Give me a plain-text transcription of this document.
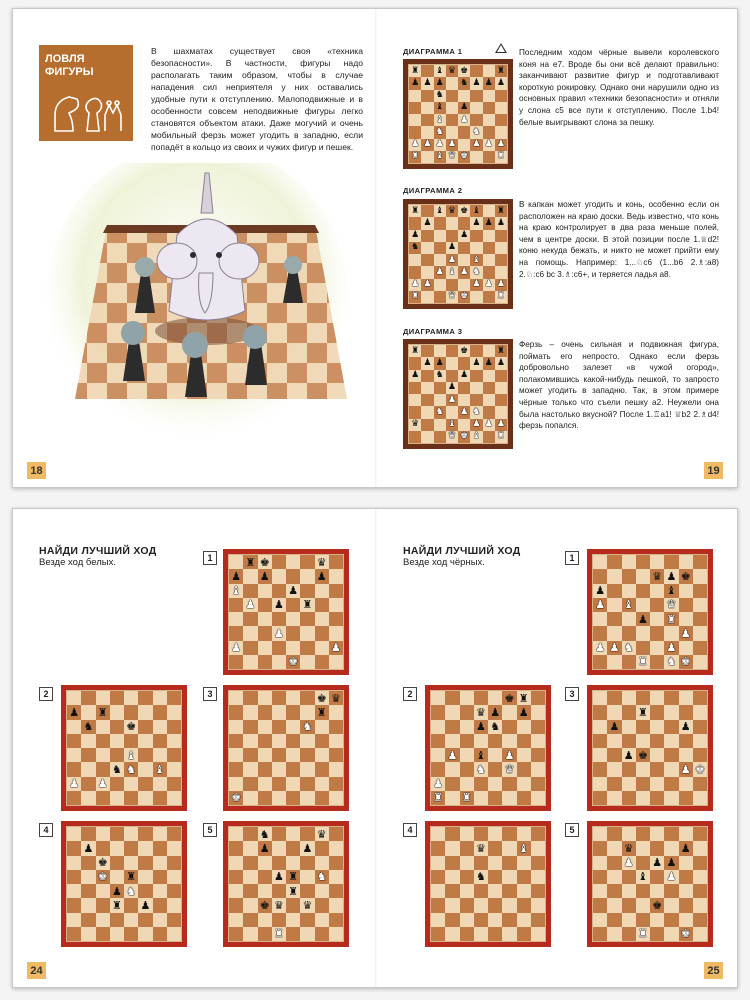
ЛОВЛЯ ФИГУРЫ
В шахматах существует своя «техника безопасности». В частности, фигуры надо располагать таким образом, чтобы в случае нападения сил неприятеля у них оставались удобные пути к отступлению. Малоподвижные и в особенности совсем неподвижные фигуры легко становятся объектом атаки. Даже могучий и очень мобильный ферзь может угодить в западню, если попадёт в кольцо из своих и чужих фигур и пешек.
18	19
ДИАГРАММА 1
♜ ♝ ♛ ♚	♜
♟ ♟ ♟ ♞ ♟ ♟ ♟
♞
♝ ♟
♝ ♟
♞	♞
♟ ♟ ♟ ♟ ♟ ♟ ♟
♜ ♝ ♛ ♚	♜
Последним ходом чёрные вывели королевского коня на e7. Вроде бы они всё делают правильно: заканчивают развитие фигур и подготавливают короткую рокировку. Однако они нарушили одно из основных правил «техники безопасности» и отняли у слона c5 все пути к отступлению. После 1.b4! белые выигрывают слона за пешку.
ДИАГРАММА 2
♜ ♝ ♛ ♚ ♝ ♜
♟	♟ ♟ ♟
♟	♟
♞	♟
♟ ♝
♟ ♝ ♟ ♞
♟ ♟	♟ ♟ ♟
♜	♛ ♚	♜
В капкан может угодить и конь, особенно если он расположен на краю доски. Ведь известно, что конь на краю контролирует в два раза меньше полей, чем в центре доски. В этой позиции после 1.♕d2! коню некуда бежать, и никто не может прийти ему на помощь. Например: 1...♘c6 (1...b6 2.♗:a8) 2.♘:c6 bc 3.♗:c6+, и теряется ладья a8.
ДИАГРАММА 3
♜	♚	♜
♟ ♟	♟ ♟ ♟
♟ ♞ ♟
♟
♟
♞ ♟ ♞
♛	♝ ♟ ♟ ♟
♛ ♚ ♝ ♜
Ферзь – очень сильная и подвижная фигура, поймать его непросто. Однако если ферзь добровольно залезет «в чужой огород», полакомившись какой-нибудь пешкой, то запросто может угодить в западню. Так, в этом примере чёрные только что съели пешку a2. Неужели она была настолько вкусной? После 1.♖a1! ♕b2 2.♗d4! ферзь попался.
НАЙДИ ЛУЧШИЙ ХОД
Везде ход белых.
НАЙДИ ЛУЧШИЙ ХОД
Везде ход чёрных.
1	♜ ♚	♛
♟ ♟	♟
♝	♟
♟ ♟ ♜
♟
♟	♟
♚
2
♟ ♜
♞	♚
♝
♞ ♞ ♝
♟ ♟
3	♚ ♛
♜
♞
♚
4
♟
♚
♚ ♜
♟ ♞
♜ ♟
5	♞	♛
♟	♟
♟ ♜ ♞
♜
♚ ♛ ♛
♜
1
♛ ♟ ♚
♟	♝
♟ ♝	♛
♟ ♜
♟
♟ ♟ ♞	♟
♜ ♞ ♚
2	♚ ♜
♛ ♟ ♟
♟ ♞
♟ ♝ ♟
♞ ♛
♟
♜ ♜
3
♜
♟	♟
♟ ♚
♟ ♚
4
♛	♝
♞
5
♛	♟
♟ ♟ ♟
♝ ♟
♚
♜	♚
24	25
